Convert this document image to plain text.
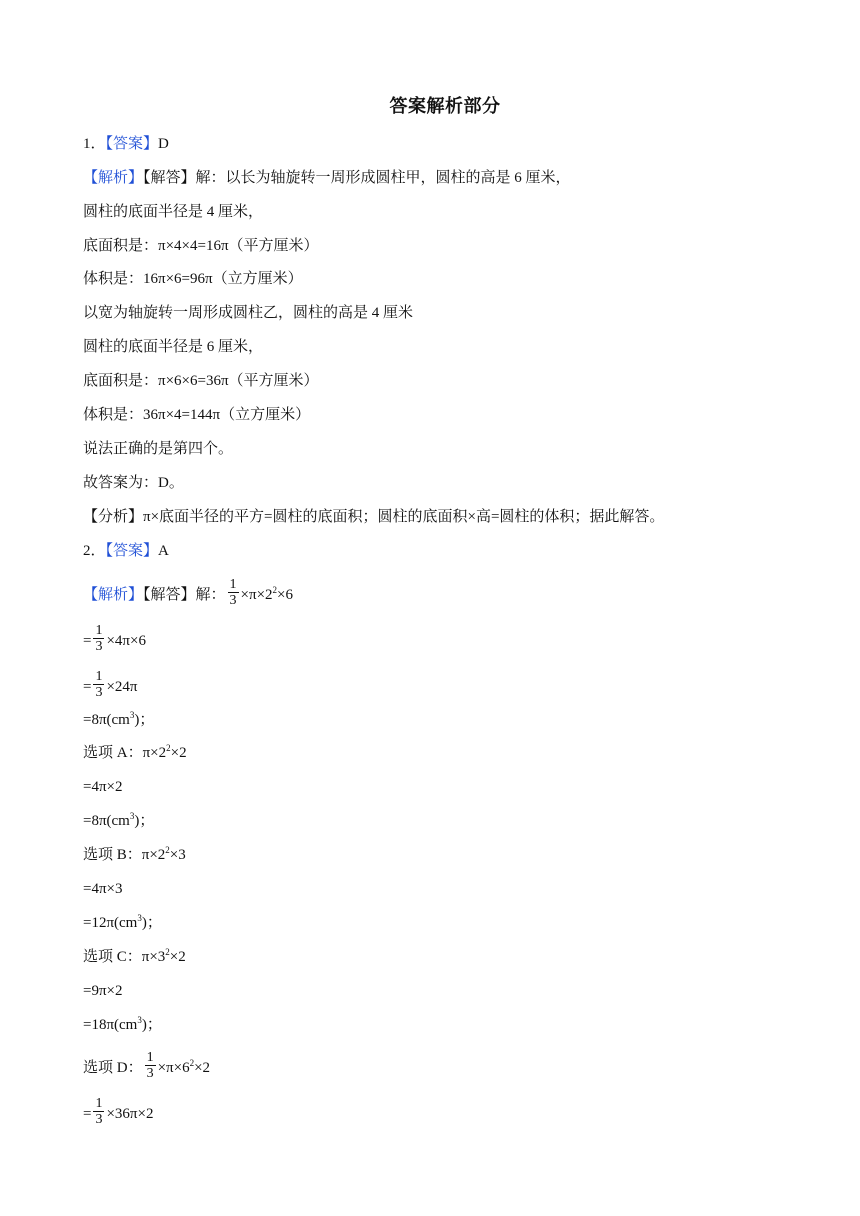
答案解析部分
1．【答案】D
【解析】【解答】解：以长为轴旋转一周形成圆柱甲，圆柱的高是 6 厘米，
圆柱的底面半径是 4 厘米，
底面积是：π×4×4=16π（平方厘米）
体积是：16π×6=96π（立方厘米）
以宽为轴旋转一周形成圆柱乙，圆柱的高是 4 厘米
圆柱的底面半径是 6 厘米，
底面积是：π×6×6=36π（平方厘米）
体积是：36π×4=144π（立方厘米）
说法正确的是第四个。
故答案为：D。
【分析】π×底面半径的平方=圆柱的底面积；圆柱的底面积×高=圆柱的体积；据此解答。
2．【答案】A
【解析】【解答】解： $\frac{1}{3} \times\pi\times 2^2\times 6$
= $\frac{1}{3} \times 4\pi\times 6$
= $\frac{1}{3} \times 24\pi$
$=8\pi(cm^3)$；
选项 A：$\pi\times 2^2\times 2$
=4π×2
$=8\pi(cm^3)$；
选项 B：$\pi\times 2^2\times 3$
=4π×3
$=12\pi(cm^3)$；
选项 C：$\pi\times 3^2\times 2$
=9π×2
$=18\pi(cm^3)$；
选项 D： $\frac{1}{3} \times\pi\times 6^2\times 2$
= $\frac{1}{3} \times 36\pi\times 2$
